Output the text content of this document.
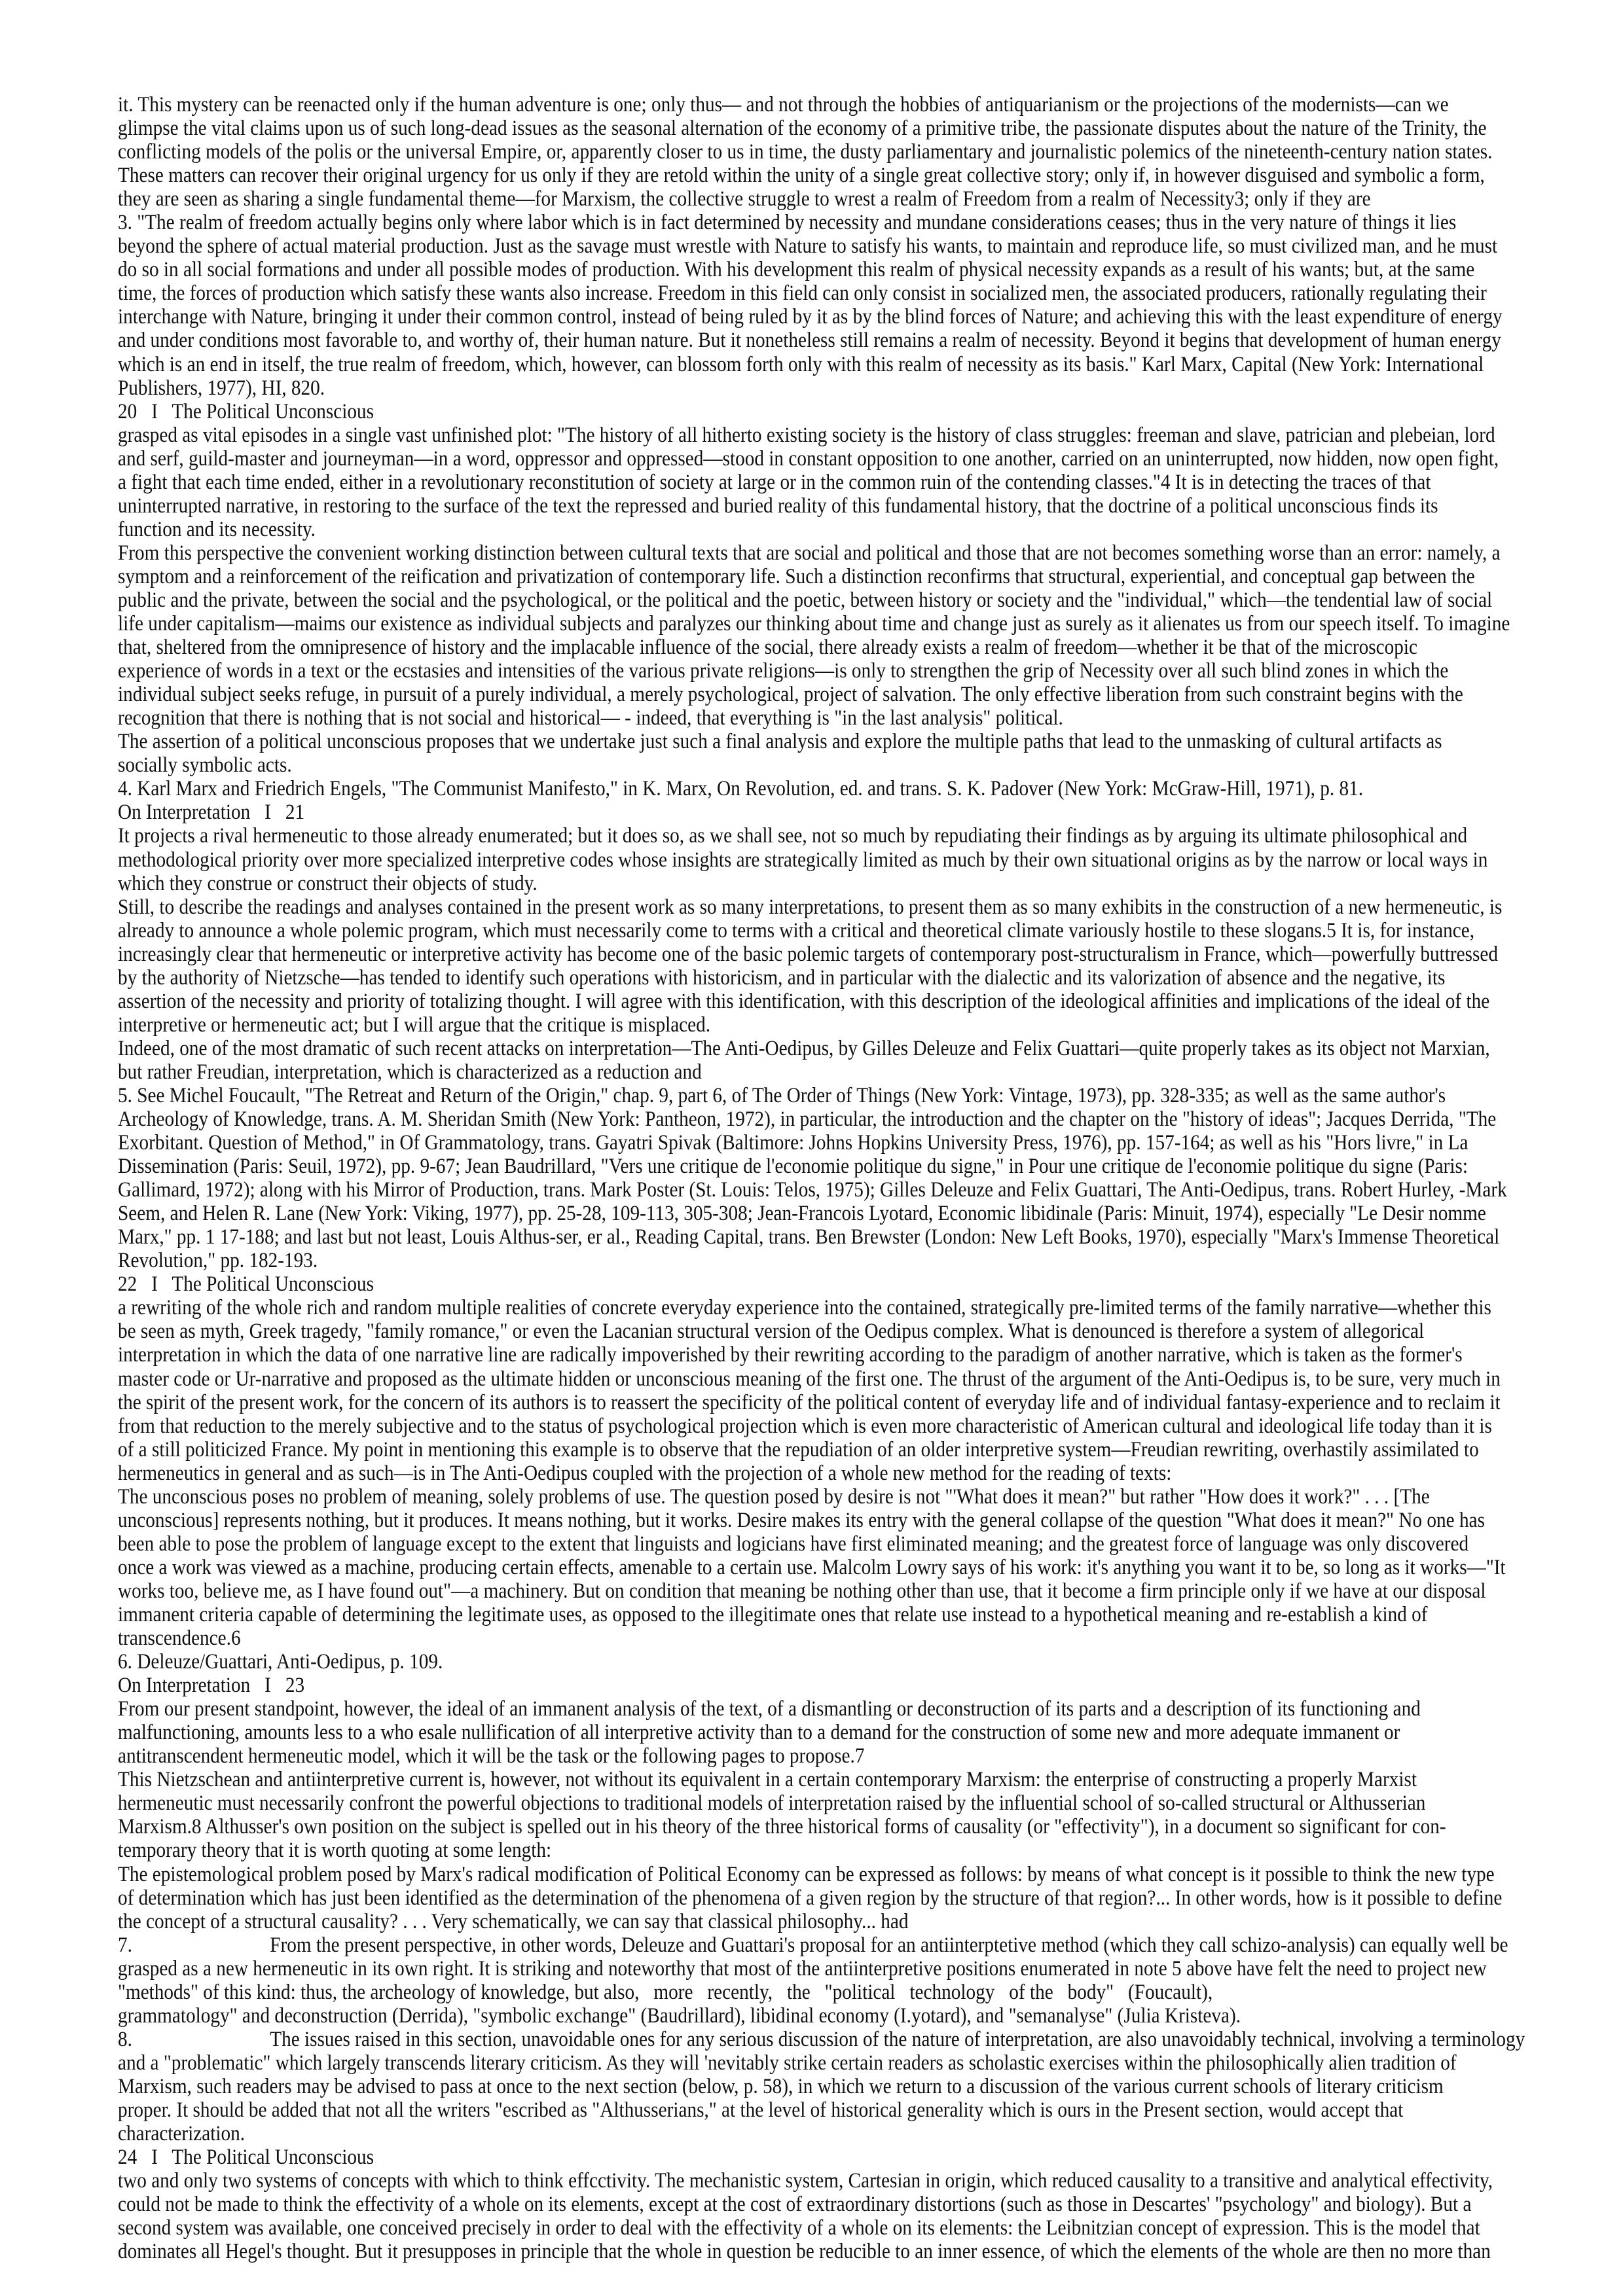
it. This mystery can be reenacted only if the human adventure is one; only thus— and not through the hobbies of antiquarianism or the projections of the modernists—can we
glimpse the vital claims upon us of such long-dead issues as the seasonal alternation of the economy of a primitive tribe, the passionate disputes about the nature of the Trinity, the
conflicting models of the polis or the universal Empire, or, apparently closer to us in time, the dusty parliamentary and journalistic polemics of the nineteenth-century nation states.
These matters can recover their original urgency for us only if they are retold within the unity of a single great collective story; only if, in however disguised and symbolic a form,
they are seen as sharing a single fundamental theme—for Marxism, the collective struggle to wrest a realm of Freedom from a realm of Necessity3; only if they are
3. "The realm of freedom actually begins only where labor which is in fact determined by necessity and mundane considerations ceases; thus in the very nature of things it lies
beyond the sphere of actual material production. Just as the savage must wrestle with Nature to satisfy his wants, to maintain and reproduce life, so must civilized man, and he must
do so in all social formations and under all possible modes of production. With his development this realm of physical necessity expands as a result of his wants; but, at the same
time, the forces of production which satisfy these wants also increase. Freedom in this field can only consist in socialized men, the associated producers, rationally regulating their
interchange with Nature, bringing it under their common control, instead of being ruled by it as by the blind forces of Nature; and achieving this with the least expenditure of energy
and under conditions most favorable to, and worthy of, their human nature. But it nonetheless still remains a realm of necessity. Beyond it begins that development of human energy
which is an end in itself, the true realm of freedom, which, however, can blossom forth only with this realm of necessity as its basis." Karl Marx, Capital (New York: International
Publishers, 1977), HI, 820.
20   I   The Political Unconscious
grasped as vital episodes in a single vast unfinished plot: "The history of all hitherto existing society is the history of class struggles: freeman and slave, patrician and plebeian, lord
and serf, guild-master and journeyman—in a word, oppressor and oppressed—stood in constant opposition to one another, carried on an uninterrupted, now hidden, now open fight,
a fight that each time ended, either in a revolutionary reconstitution of society at large or in the common ruin of the contending classes."4 It is in detecting the traces of that
uninterrupted narrative, in restoring to the surface of the text the repressed and buried reality of this fundamental history, that the doctrine of a political unconscious finds its
function and its necessity.
From this perspective the convenient working distinction between cultural texts that are social and political and those that are not becomes something worse than an error: namely, a
symptom and a reinforcement of the reification and privatization of contemporary life. Such a distinction reconfirms that structural, experiential, and conceptual gap between the
public and the private, between the social and the psychological, or the political and the poetic, between history or society and the "individual," which—the tendential law of social
life under capitalism—maims our existence as individual subjects and paralyzes our thinking about time and change just as surely as it alienates us from our speech itself. To imagine
that, sheltered from the omnipresence of history and the implacable influence of the social, there already exists a realm of freedom—whether it be that of the microscopic
experience of words in a text or the ecstasies and intensities of the various private religions—is only to strengthen the grip of Necessity over all such blind zones in which the
individual subject seeks refuge, in pursuit of a purely individual, a merely psychological, project of salvation. The only effective liberation from such constraint begins with the
recognition that there is nothing that is not social and historical— - indeed, that everything is "in the last analysis" political.
The assertion of a political unconscious proposes that we undertake just such a final analysis and explore the multiple paths that lead to the unmasking of cultural artifacts as
socially symbolic acts.
4. Karl Marx and Friedrich Engels, "The Communist Manifesto," in K. Marx, On Revolution, ed. and trans. S. K. Padover (New York: McGraw-Hill, 1971), p. 81.
On Interpretation   I   21
It projects a rival hermeneutic to those already enumerated; but it does so, as we shall see, not so much by repudiating their findings as by arguing its ultimate philosophical and
methodological priority over more specialized interpretive codes whose insights are strategically limited as much by their own situational origins as by the narrow or local ways in
which they construe or construct their objects of study.
Still, to describe the readings and analyses contained in the present work as so many interpretations, to present them as so many exhibits in the construction of a new hermeneutic, is
already to announce a whole polemic program, which must necessarily come to terms with a critical and theoretical climate variously hostile to these slogans.5 It is, for instance,
increasingly clear that hermeneutic or interpretive activity has become one of the basic polemic targets of contemporary post-structuralism in France, which—powerfully buttressed
by the authority of Nietzsche—has tended to identify such operations with historicism, and in particular with the dialectic and its valorization of absence and the negative, its
assertion of the necessity and priority of totalizing thought. I will agree with this identification, with this description of the ideological affinities and implications of the ideal of the
interpretive or hermeneutic act; but I will argue that the critique is misplaced.
Indeed, one of the most dramatic of such recent attacks on interpretation—The Anti-Oedipus, by Gilles Deleuze and Felix Guattari—quite properly takes as its object not Marxian,
but rather Freudian, interpretation, which is characterized as a reduction and
5. See Michel Foucault, "The Retreat and Return of the Origin," chap. 9, part 6, of The Order of Things (New York: Vintage, 1973), pp. 328-335; as well as the same author's
Archeology of Knowledge, trans. A. M. Sheridan Smith (New York: Pantheon, 1972), in particular, the introduction and the chapter on the "history of ideas"; Jacques Derrida, "The
Exorbitant. Question of Method," in Of Grammatology, trans. Gayatri Spivak (Baltimore: Johns Hopkins University Press, 1976), pp. 157-164; as well as his "Hors livre," in La
Dissemination (Paris: Seuil, 1972), pp. 9-67; Jean Baudrillard, "Vers une critique de l'economie politique du signe," in Pour une critique de l'economie politique du signe (Paris:
Gallimard, 1972); along with his Mirror of Production, trans. Mark Poster (St. Louis: Telos, 1975); Gilles Deleuze and Felix Guattari, The Anti-Oedipus, trans. Robert Hurley, -Mark
Seem, and Helen R. Lane (New York: Viking, 1977), pp. 25-28, 109-113, 305-308; Jean-Francois Lyotard, Economic libidinale (Paris: Minuit, 1974), especially "Le Desir nomme
Marx," pp. 1 17-188; and last but not least, Louis Althus-ser, er al., Reading Capital, trans. Ben Brewster (London: New Left Books, 1970), especially "Marx's Immense Theoretical
Revolution," pp. 182-193.
22   I   The Political Unconscious
a rewriting of the whole rich and random multiple realities of concrete everyday experience into the contained, strategically pre-limited terms of the family narrative—whether this
be seen as myth, Greek tragedy, "family romance," or even the Lacanian structural version of the Oedipus complex. What is denounced is therefore a system of allegorical
interpretation in which the data of one narrative line are radically impoverished by their rewriting according to the paradigm of another narrative, which is taken as the former's
master code or Ur-narrative and proposed as the ultimate hidden or unconscious meaning of the first one. The thrust of the argument of the Anti-Oedipus is, to be sure, very much in
the spirit of the present work, for the concern of its authors is to reassert the specificity of the political content of everyday life and of individual fantasy-experience and to reclaim it
from that reduction to the merely subjective and to the status of psychological projection which is even more characteristic of American cultural and ideological life today than it is
of a still politicized France. My point in mentioning this example is to observe that the repudiation of an older interpretive system—Freudian rewriting, overhastily assimilated to
hermeneutics in general and as such—is in The Anti-Oedipus coupled with the projection of a whole new method for the reading of texts:
The unconscious poses no problem of meaning, solely problems of use. The question posed by desire is not "'What does it mean?" but rather "How does it work?" . . . [The
unconscious] represents nothing, but it produces. It means nothing, but it works. Desire makes its entry with the general collapse of the question "What does it mean?" No one has
been able to pose the problem of language except to the extent that linguists and logicians have first eliminated meaning; and the greatest force of language was only discovered
once a work was viewed as a machine, producing certain effects, amenable to a certain use. Malcolm Lowry says of his work: it's anything you want it to be, so long as it works—"It
works too, believe me, as I have found out"—a machinery. But on condition that meaning be nothing other than use, that it become a firm principle only if we have at our disposal
immanent criteria capable of determining the legitimate uses, as opposed to the illegitimate ones that relate use instead to a hypothetical meaning and re-establish a kind of
transcendence.6
6. Deleuze/Guattari, Anti-Oedipus, p. 109.
On Interpretation   I   23
From our present standpoint, however, the ideal of an immanent analysis of the text, of a dismantling or deconstruction of its parts and a description of its functioning and
malfunctioning, amounts less to a who esale nullification of all interpretive activity than to a demand for the construction of some new and more adequate immanent or
antitranscendent hermeneutic model, which it will be the task or the following pages to propose.7
This Nietzschean and antiinterpretive current is, however, not without its equivalent in a certain contemporary Marxism: the enterprise of constructing a properly Marxist
hermeneutic must necessarily confront the powerful objections to traditional models of interpretation raised by the influential school of so-called structural or Althusserian
Marxism.8 Althusser's own position on the subject is spelled out in his theory of the three historical forms of causality (or "effectivity"), in a document so significant for con-
temporary theory that it is worth quoting at some length:
The epistemological problem posed by Marx's radical modification of Political Economy can be expressed as follows: by means of what concept is it possible to think the new type
of determination which has just been identified as the determination of the phenomena of a given region by the structure of that region?... In other words, how is it possible to define
the concept of a structural causality? . . . Very schematically, we can say that classical philosophy... had
7.	From the present perspective, in other words, Deleuze and Guattari's proposal for an antiinterptetive method (which they call schizo-analysis) can equally well be
grasped as a new hermeneutic in its own right. It is striking and noteworthy that most of the antiinterpretive positions enumerated in note 5 above have felt the need to project new
"methods" of this kind: thus, the archeology of knowledge, but also,   more   recently,   the   "political   technology   of the   body"   (Foucault),
grammatology" and deconstruction (Derrida), "symbolic exchange" (Baudrillard), libidinal economy (I.yotard), and "semanalyse" (Julia Kristeva).
8.	The issues raised in this section, unavoidable ones for any serious discussion of the nature of interpretation, are also unavoidably technical, involving a terminology
and a "problematic" which largely transcends literary criticism. As they will 'nevitably strike certain readers as scholastic exercises within the philosophically alien tradition of
Marxism, such readers may be advised to pass at once to the next section (below, p. 58), in which we return to a discussion of the various current schools of literary criticism
proper. It should be added that not all the writers "escribed as "Althusserians," at the level of historical generality which is ours in the Present section, would accept that
characterization.
24   I   The Political Unconscious
two and only two systems of concepts with which to think effcctivity. The mechanistic system, Cartesian in origin, which reduced causality to a transitive and analytical effectivity,
could not be made to think the effectivity of a whole on its elements, except at the cost of extraordinary distortions (such as those in Descartes' "psychology" and biology). But a
second system was available, one conceived precisely in order to deal with the effectivity of a whole on its elements: the Leibnitzian concept of expression. This is the model that
dominates all Hegel's thought. But it presupposes in principle that the whole in question be reducible to an inner essence, of which the elements of the whole are then no more than
